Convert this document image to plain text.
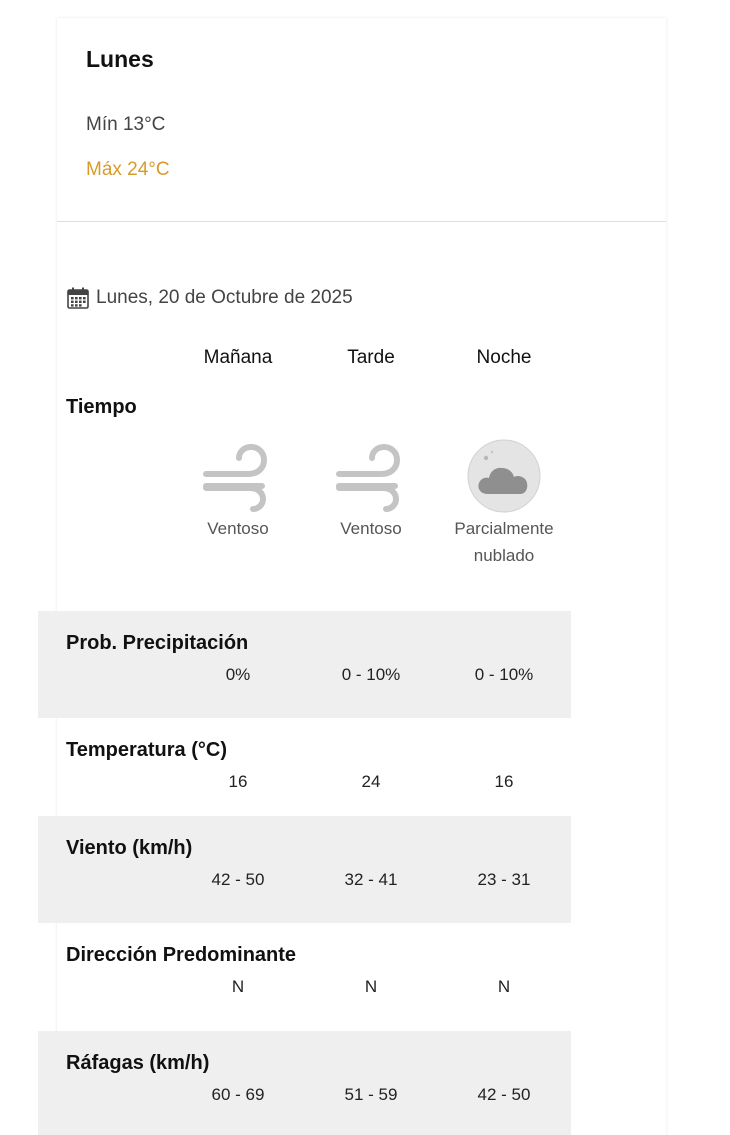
Lunes
Mín 13°C
Máx 24°C
Lunes, 20 de Octubre de 2025
Mañana	Tarde	Noche
Tiempo
Ventoso	Ventoso	Parcialmente nublado
Prob. Precipitación
0%	0 - 10%	0 - 10%
Temperatura (°C)
16	24	16
Viento (km/h)
42 - 50	32 - 41	23 - 31
Dirección Predominante
N	N	N
Ráfagas (km/h)
60 - 69	51 - 59	42 - 50
